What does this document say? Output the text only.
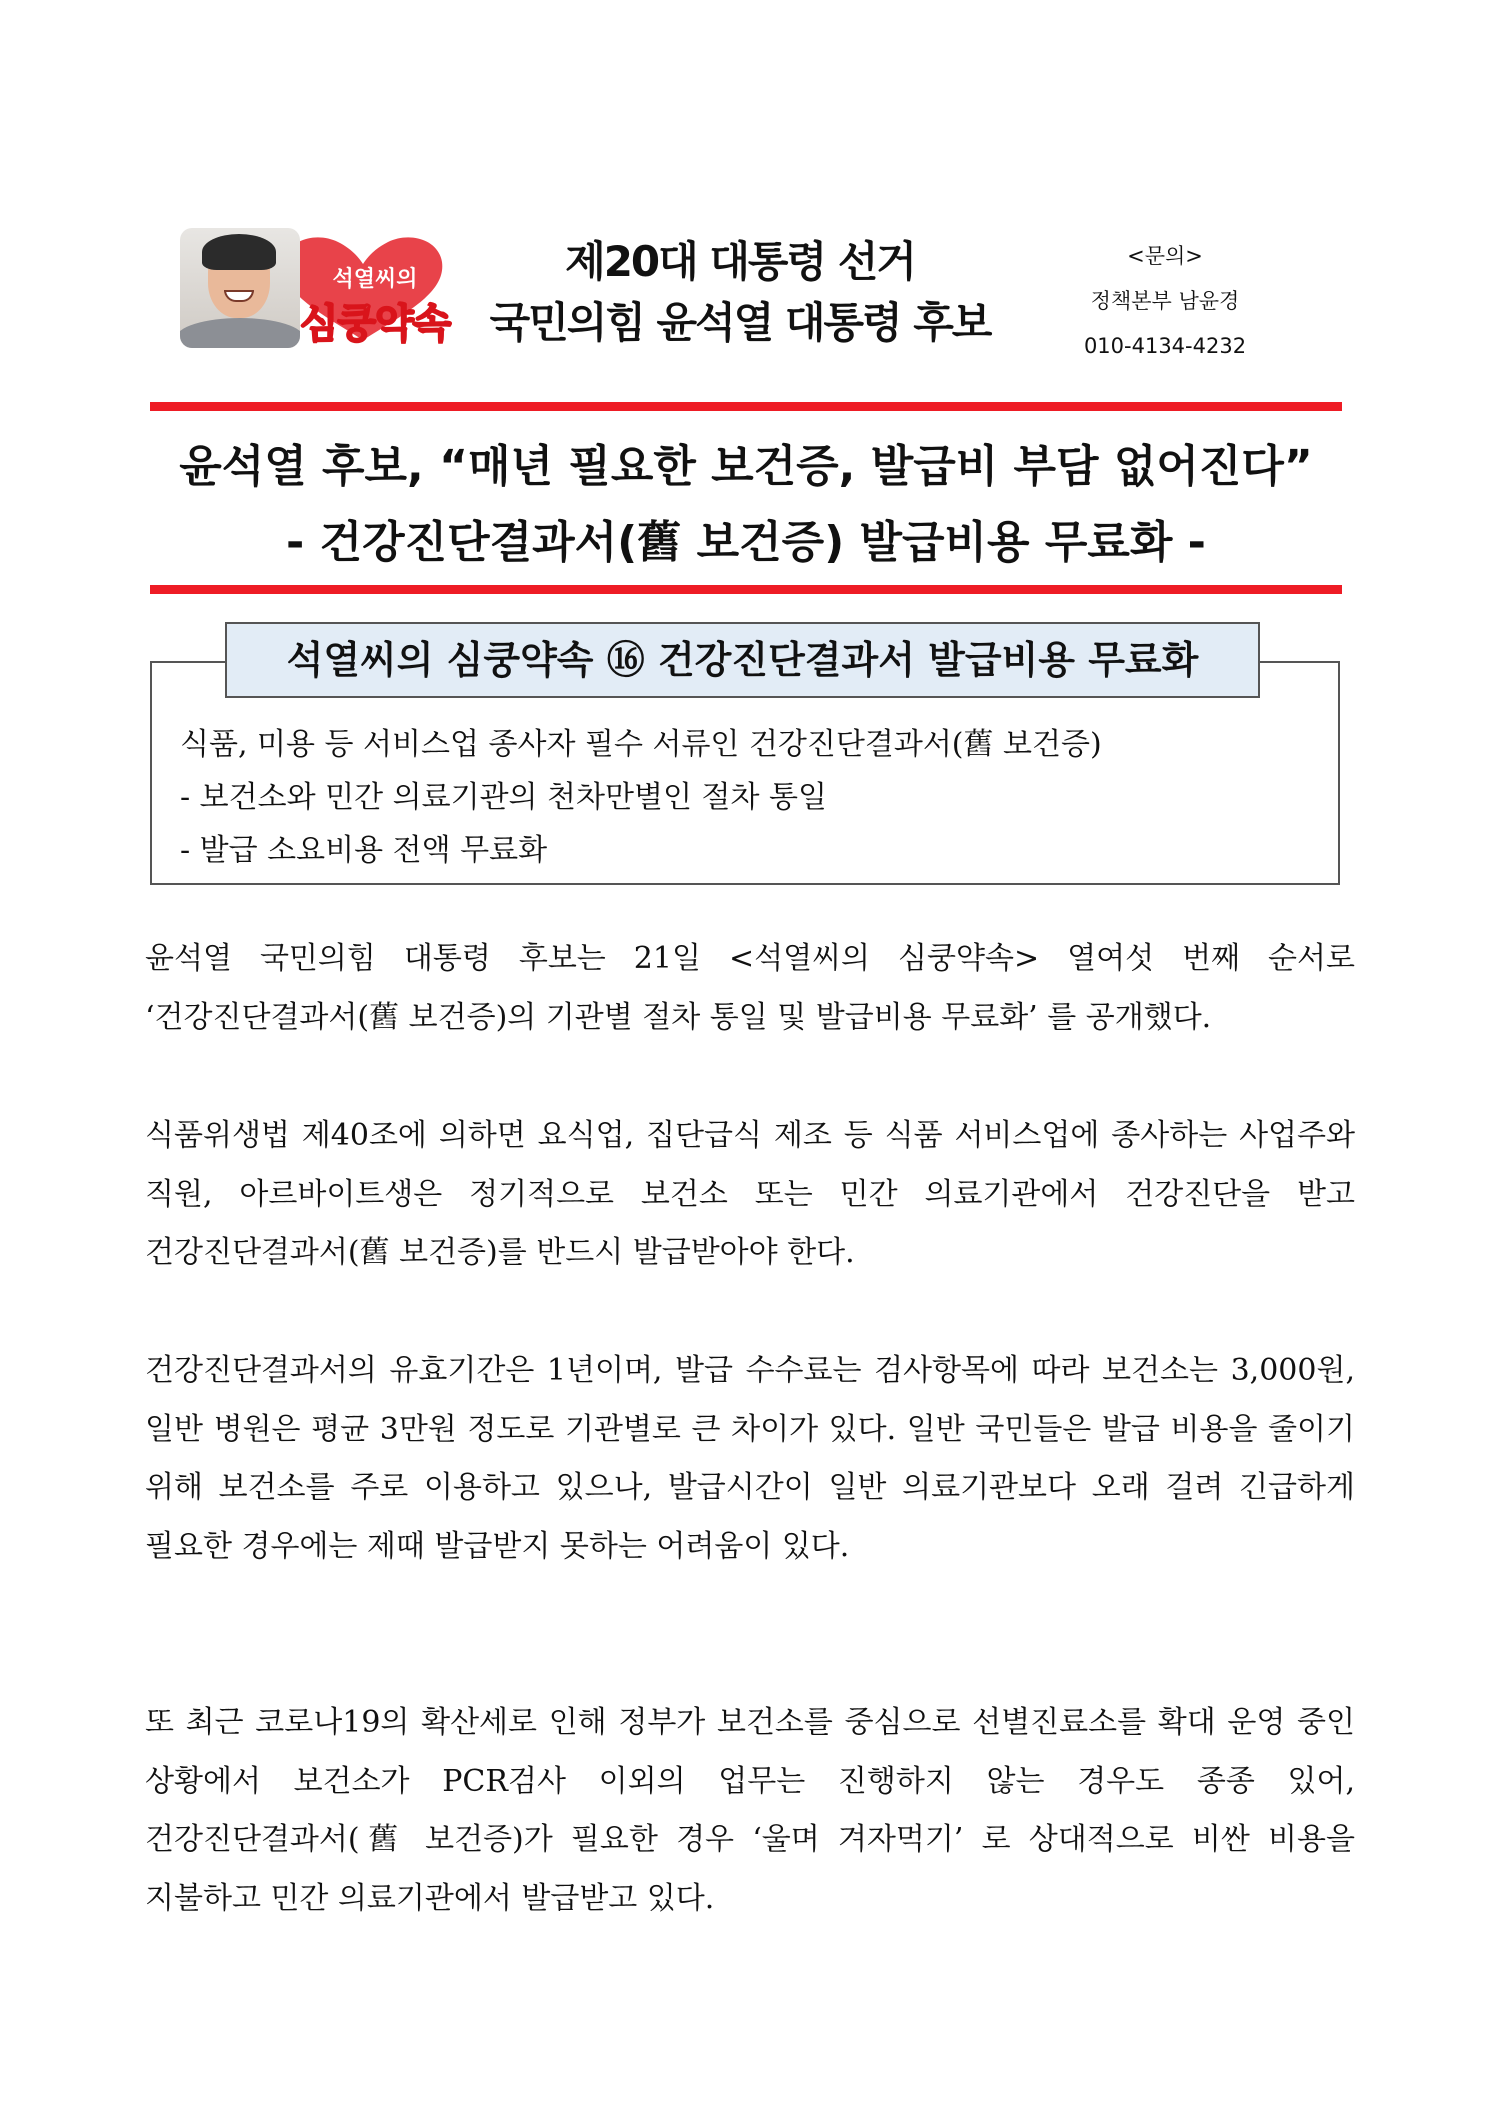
석열씨의
심쿵약속
제20대 대통령 선거
국민의힘 윤석열 대통령 후보
<문의>
정책본부 남윤경
010-4134-4232
윤석열 후보, “매년 필요한 보건증, 발급비 부담 없어진다”
- 건강진단결과서(舊 보건증) 발급비용 무료화 -
석열씨의 심쿵약속 ⑯ 건강진단결과서 발급비용 무료화
식품, 미용 등 서비스업 종사자 필수 서류인 건강진단결과서(舊 보건증)
- 보건소와 민간 의료기관의 천차만별인 절차 통일
- 발급 소요비용 전액 무료화
윤석열 국민의힘 대통령 후보는 21일 <석열씨의 심쿵약속> 열여섯 번째 순서로 ‘건강진단결과서(舊 보건증)의 기관별 절차 통일 및 발급비용 무료화’ 를 공개했다.
식품위생법 제40조에 의하면 요식업, 집단급식 제조 등 식품 서비스업에 종사하는 사업주와 직원, 아르바이트생은 정기적으로 보건소 또는 민간 의료기관에서 건강진단을 받고 건강진단결과서(舊 보건증)를 반드시 발급받아야 한다.
건강진단결과서의 유효기간은 1년이며, 발급 수수료는 검사항목에 따라 보건소는 3,000원, 일반 병원은 평균 3만원 정도로 기관별로 큰 차이가 있다. 일반 국민들은 발급 비용을 줄이기 위해 보건소를 주로 이용하고 있으나, 발급시간이 일반 의료기관보다 오래 걸려 긴급하게 필요한 경우에는 제때 발급받지 못하는 어려움이 있다.
또 최근 코로나19의 확산세로 인해 정부가 보건소를 중심으로 선별진료소를 확대 운영 중인 상황에서 보건소가 PCR검사 이외의 업무는 진행하지 않는 경우도 종종 있어, 건강진단결과서(舊 보건증)가 필요한 경우 ‘울며 겨자먹기’ 로 상대적으로 비싼 비용을 지불하고 민간 의료기관에서 발급받고 있다.
